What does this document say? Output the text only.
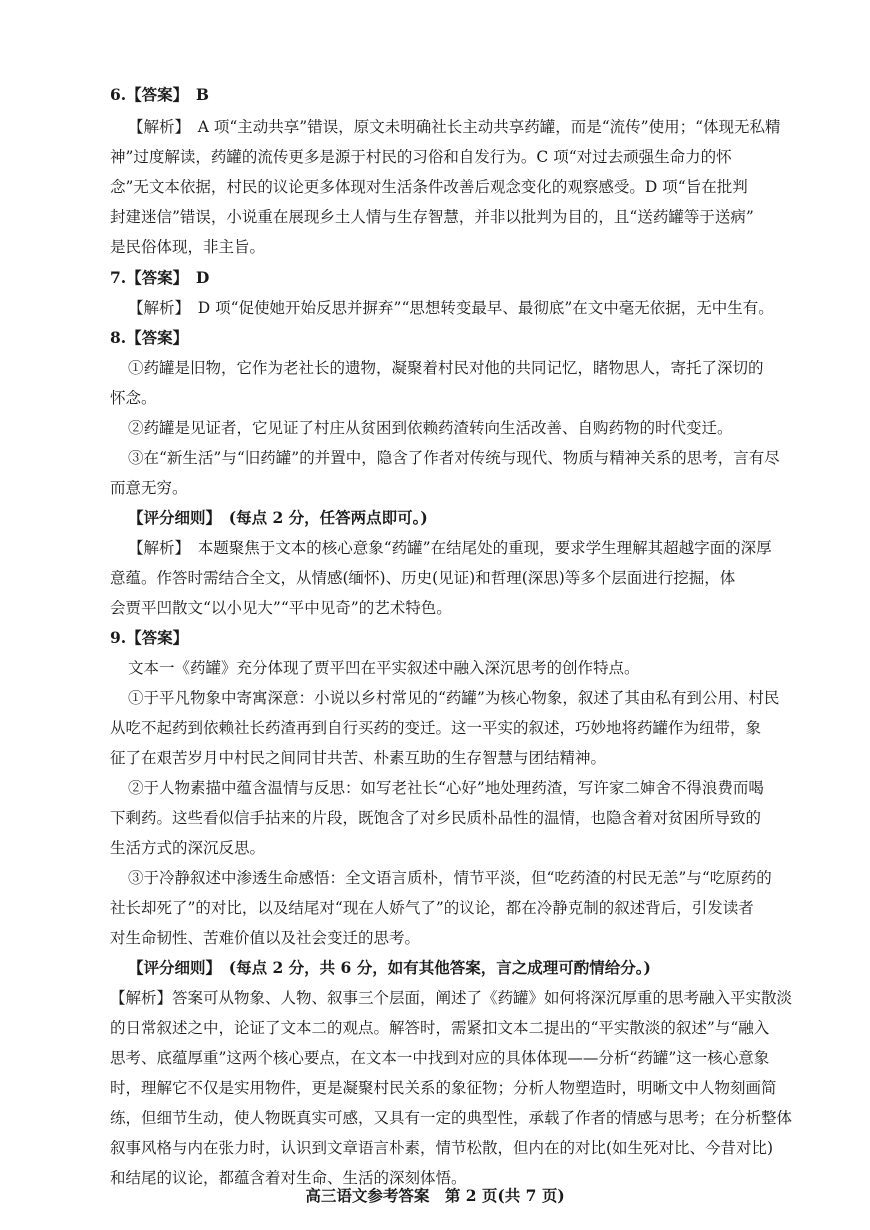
6.【答案】　B
【解析】　A 项“主动共享”错误，原文未明确社长主动共享药罐，而是“流传”使用；“体现无私精
神”过度解读，药罐的流传更多是源于村民的习俗和自发行为。C 项“对过去顽强生命力的怀
念”无文本依据，村民的议论更多体现对生活条件改善后观念变化的观察感受。D 项“旨在批判
封建迷信”错误，小说重在展现乡土人情与生存智慧，并非以批判为目的，且“送药罐等于送病”
是民俗体现，非主旨。
7.【答案】　D
【解析】　D 项“促使她开始反思并摒弃”“思想转变最早、最彻底”在文中毫无依据，无中生有。
8.【答案】
①药罐是旧物，它作为老社长的遗物，凝聚着村民对他的共同记忆，睹物思人，寄托了深切的
怀念。
②药罐是见证者，它见证了村庄从贫困到依赖药渣转向生活改善、自购药物的时代变迁。
③在“新生活”与“旧药罐”的并置中，隐含了作者对传统与现代、物质与精神关系的思考，言有尽
而意无穷。
【评分细则】　(每点 2 分，任答两点即可。)
【解析】　本题聚焦于文本的核心意象“药罐”在结尾处的重现，要求学生理解其超越字面的深厚
意蕴。作答时需结合全文，从情感(缅怀)、历史(见证)和哲理(深思)等多个层面进行挖掘，体
会贾平凹散文“以小见大”“平中见奇”的艺术特色。
9.【答案】
文本一《药罐》充分体现了贾平凹在平实叙述中融入深沉思考的创作特点。
①于平凡物象中寄寓深意：小说以乡村常见的“药罐”为核心物象，叙述了其由私有到公用、村民
从吃不起药到依赖社长药渣再到自行买药的变迁。这一平实的叙述，巧妙地将药罐作为纽带，象
征了在艰苦岁月中村民之间同甘共苦、朴素互助的生存智慧与团结精神。
②于人物素描中蕴含温情与反思：如写老社长“心好”地处理药渣，写许家二婶舍不得浪费而喝
下剩药。这些看似信手拈来的片段，既饱含了对乡民质朴品性的温情，也隐含着对贫困所导致的
生活方式的深沉反思。
③于冷静叙述中渗透生命感悟：全文语言质朴，情节平淡，但“吃药渣的村民无恙”与“吃原药的
社长却死了”的对比，以及结尾对“现在人娇气了”的议论，都在冷静克制的叙述背后，引发读者
对生命韧性、苦难价值以及社会变迁的思考。
【评分细则】　(每点 2 分，共 6 分，如有其他答案，言之成理可酌情给分。)
【解析】答案可从物象、人物、叙事三个层面，阐述了《药罐》如何将深沉厚重的思考融入平实散淡
的日常叙述之中，论证了文本二的观点。解答时，需紧扣文本二提出的“平实散淡的叙述”与“融入
思考、底蕴厚重”这两个核心要点，在文本一中找到对应的具体体现——分析“药罐”这一核心意象
时，理解它不仅是实用物件，更是凝聚村民关系的象征物；分析人物塑造时，明晰文中人物刻画简
练，但细节生动，使人物既真实可感，又具有一定的典型性，承载了作者的情感与思考；在分析整体
叙事风格与内在张力时，认识到文章语言朴素，情节松散，但内在的对比(如生死对比、今昔对比)
和结尾的议论，都蕴含着对生命、生活的深刻体悟。
高三语文参考答案　第 2 页(共 7 页)
